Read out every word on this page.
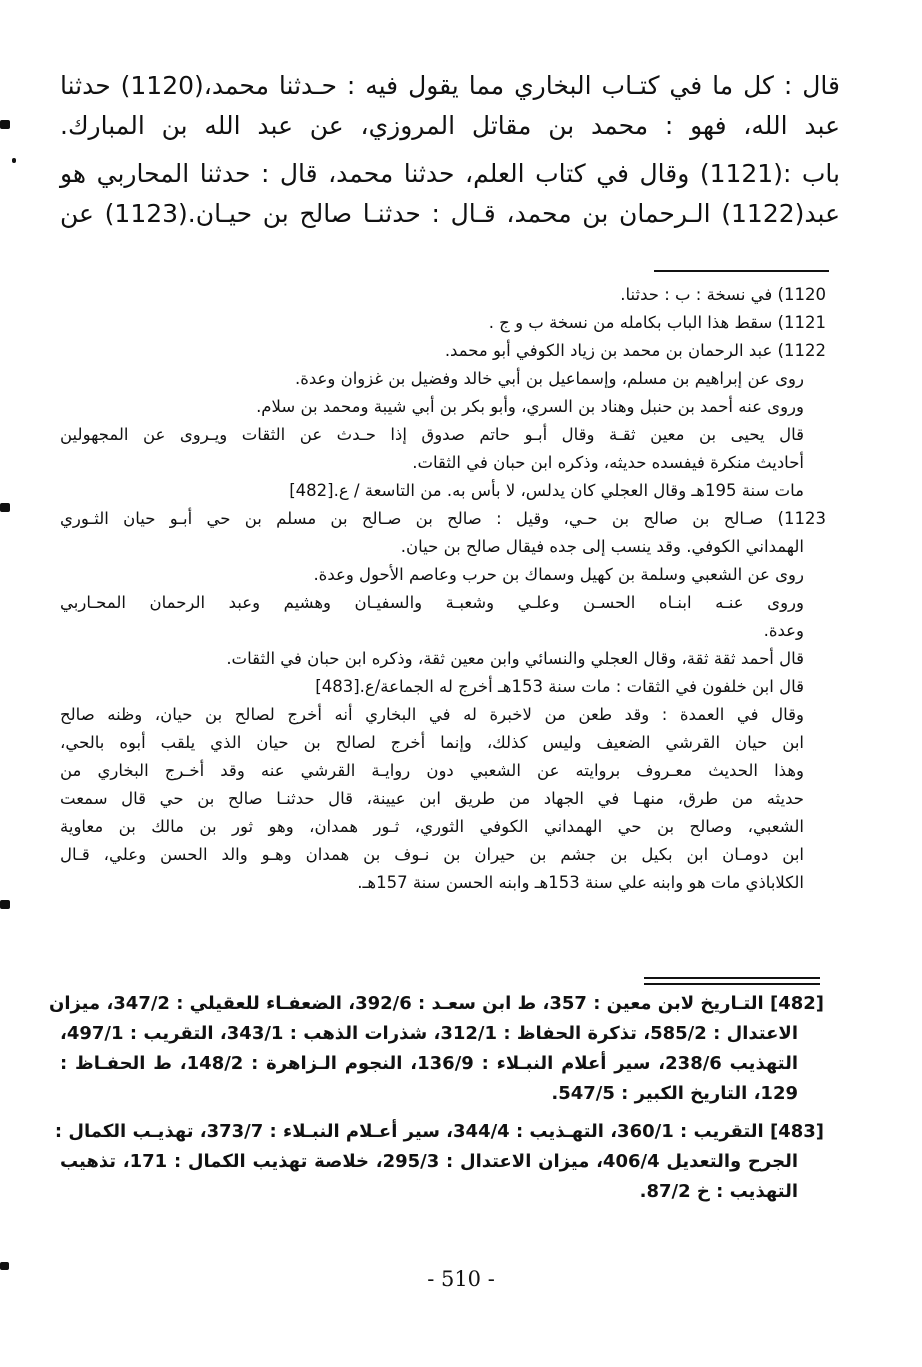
قال : كل ما في كتـاب البخاري مما يقول فيه : حـدثنا محمد،(1120) حدثنا
عبد الله، فهو : محمد بن مقاتل المروزي، عن عبد الله بن المبارك.
باب :(1121) وقال في كتاب العلم، حدثنا محمد، قال : حدثنا المحاربي هو
عبد(1122) الـرحمان بن محمد، قـال : حدثنـا صالح بن حيـان.(1123) عن
1120) في نسخة : ب : حدثنا.
1121) سقط هذا الباب بكامله من نسخة ب و ج .
1122) عبد الرحمان بن محمد بن زياد الكوفي أبو محمد.
روى عن إبراهيم بن مسلم، وإسماعيل بن أبي خالد وفضيل بن غزوان وعدة.
وروى عنه أحمد بن حنبل وهناد بن السري، وأبو بكر بن أبي شيبة ومحمد بن سلام.
قال يحيى بن معين ثقـة وقال أبـو حاتم صدوق إذا حـدث عن الثقات ويـروى عن المجهولين
أحاديث منكرة فيفسده حديثه، وذكره ابن حبان في الثقات.
مات سنة 195هـ وقال العجلي كان يدلس، لا بأس به. من التاسعة / ع.[482]
1123) صـالح بن صالح بن حـي، وقيل : صالح بن صـالح بن مسلم بن حي أبـو حيان الثـوري
الهمداني الكوفي. وقد ينسب إلى جده فيقال صالح بن حيان.
روى عن الشعبي وسلمة بن كهيل وسماك بن حرب وعاصم الأحول وعدة.
وروى عنـه ابنـاه الحسـن وعلـي وشعبـة والسفيـان وهشيم وعبد الرحمان المحـاربي
وعدة.
قال أحمد ثقة ثقة، وقال العجلي والنسائي وابن معين ثقة، وذكره ابن حبان في الثقات.
قال ابن خلفون في الثقات : مات سنة 153هـ أخرج له الجماعة/ع.[483]
وقال في العمدة : وقد طعن من لاخبرة له في البخاري أنه أخرج لصالح بن حيان، وظنه صالح
ابن حيان القرشي الضعيف وليس كذلك، وإنما أخرج لصالح بن حيان الذي يلقب أبوه بالحي،
وهذا الحديث معـروف بروايته عن الشعبي دون روايـة القرشي عنه وقد أخـرج البخاري من
حديثه من طرق، منهـا في الجهاد من طريق ابن عيينة، قال حدثنـا صالح بن حي قال سمعت
الشعبي، وصالح بن حي الهمداني الكوفي الثوري، ثـور همدان، وهو ثور بن مالك بن معاوية
ابن دومـان ابن بكيل بن جشم بن حيران بن نـوف بن همدان وهـو والد الحسن وعلي، قـال
الكلاباذي مات هو وابنه علي سنة 153هـ وابنه الحسن سنة 157هـ.
[482] التـاريخ لابن معين : 357، ط ابن سعـد : 392/6، الضعفـاء للعقيلي : 347/2، ميزان
الاعتدال : 585/2، تذكرة الحفاظ : 312/1، شذرات الذهب : 343/1، التقريب : 497/1،
التهذيب 238/6، سير أعلام النبـلاء : 136/9، النجوم الـزاهرة : 148/2، ط الحفـاظ :
129، التاريخ الكبير : 547/5.
[483] التقريب : 360/1، التهـذيب : 344/4، سير أعـلام النبـلاء : 373/7، تهذيـب الكمال :
الجرح والتعديل 406/4، ميزان الاعتدال : 295/3، خلاصة تهذيب الكمال : 171، تذهيب
التهذيب : خ 87/2.
- 510 -
